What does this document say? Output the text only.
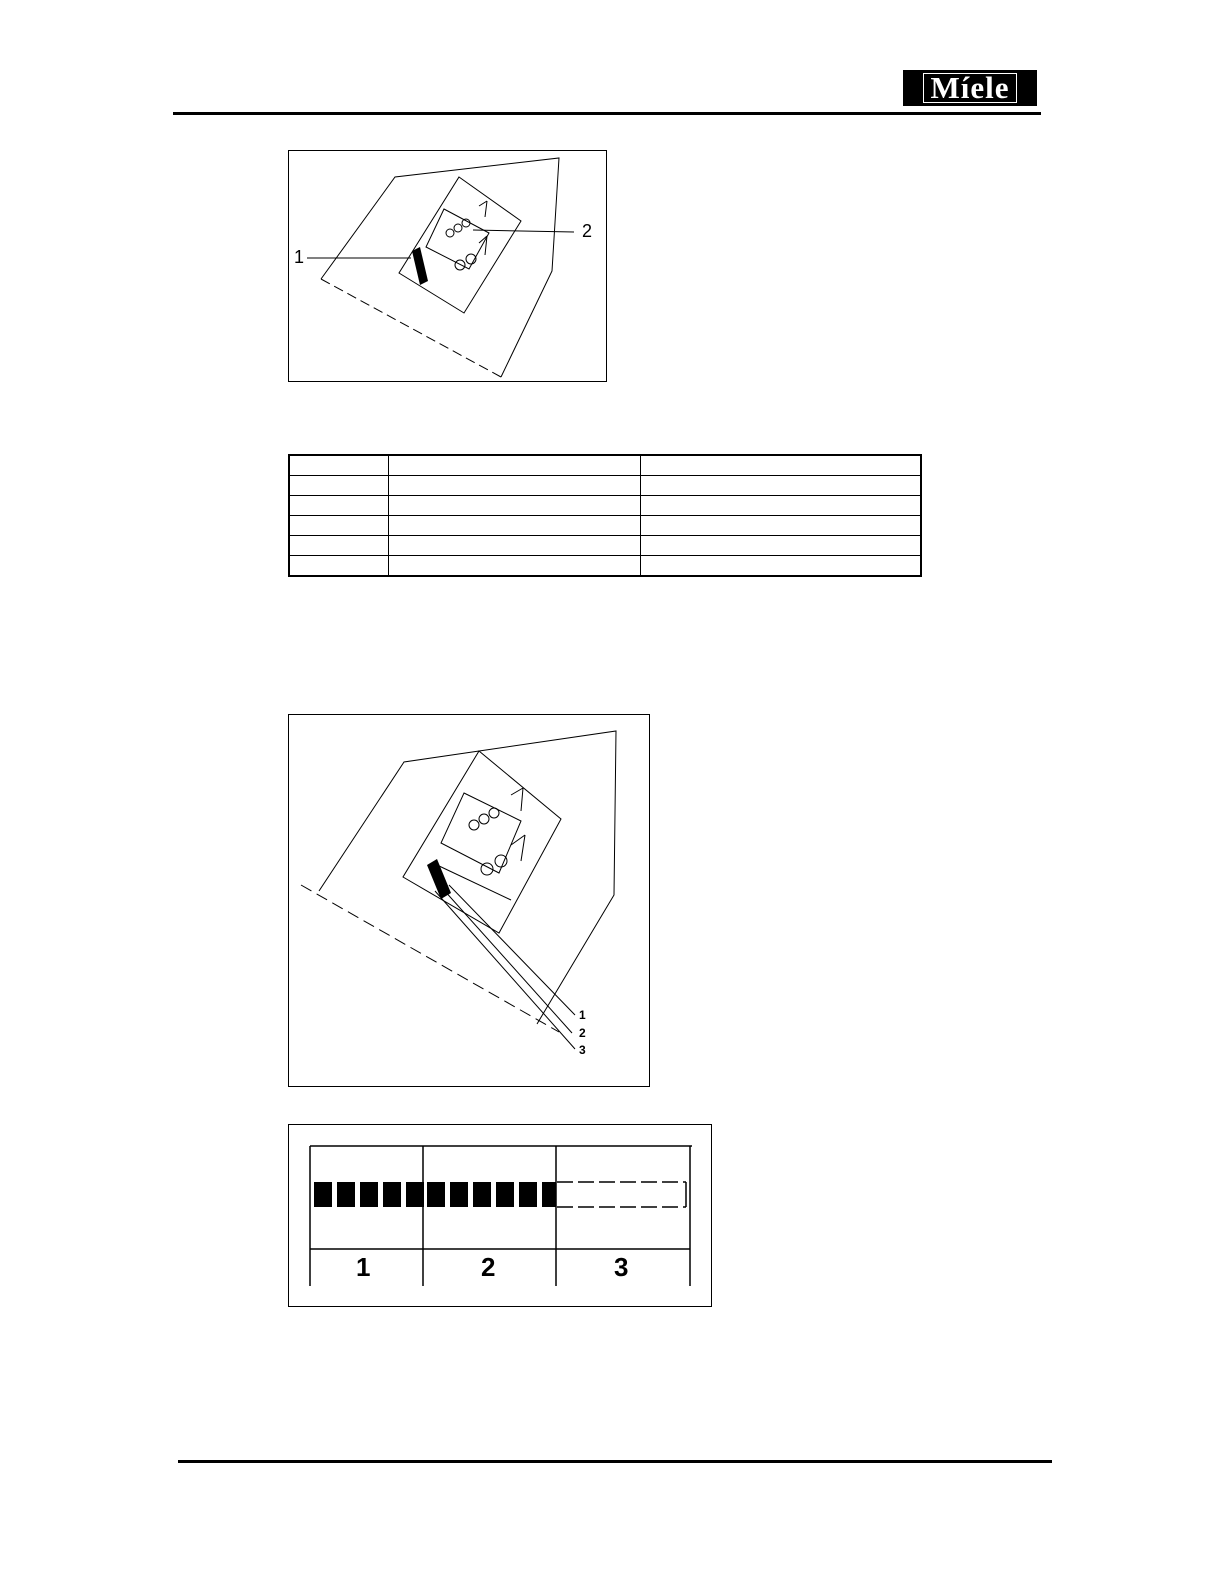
Míele
1
2

1
2
3
1	2	3
